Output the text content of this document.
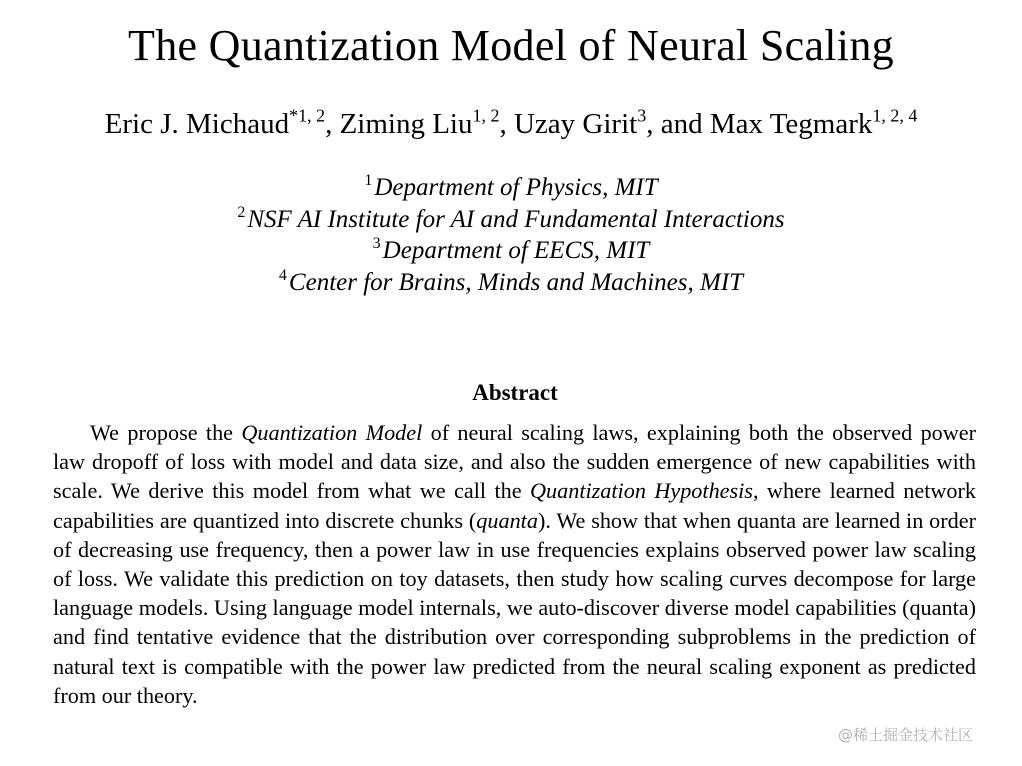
The Quantization Model of Neural Scaling
Eric J. Michaud$^{*1, 2}$, Ziming Liu$^{1, 2}$, Uzay Girit$^3$, and Max Tegmark$^{1, 2, 4}$
$^1$Department of Physics, MIT
$^2$NSF AI Institute for AI and Fundamental Interactions
$^3$Department of EECS, MIT
$^4$Center for Brains, Minds and Machines, MIT
Abstract
We propose the Quantization Model of neural scaling laws, explaining both the observed power law dropoff of loss with model and data size, and also the sudden emergence of new capabilities with scale. We derive this model from what we call the Quantization Hypothesis, where learned network capabilities are quantized into discrete chunks (quanta). We show that when quanta are learned in order of decreasing use frequency, then a power law in use frequencies explains observed power law scaling of loss. We validate this prediction on toy datasets, then study how scaling curves decompose for large language models. Using language model internals, we auto-discover diverse model capabilities (quanta) and find tentative evidence that the distribution over corresponding subproblems in the prediction of natural text is compatible with the power law predicted from the neural scaling exponent as predicted from our theory.
@稀土掘金技术社区
